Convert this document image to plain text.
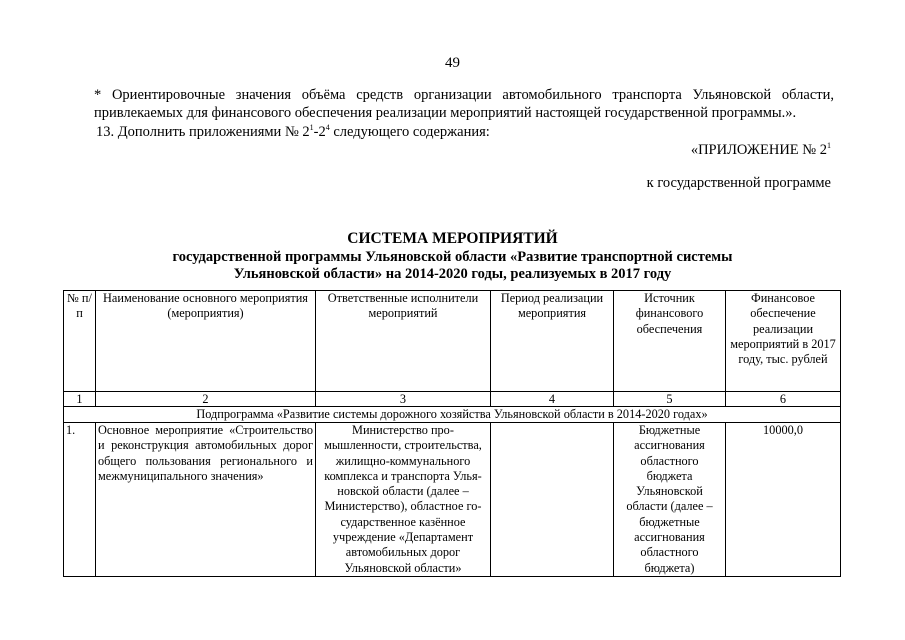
49
* Ориентировочные значения объёма средств организации автомобильного транспорта Ульяновской области, привлекаемых для финансового обеспечения реализации мероприятий настоящей государственной программы.».
13. Дополнить приложениями № $2^1-2^4$ следующего содержания:
«ПРИЛОЖЕНИЕ № $2^1$
к государственной программе
СИСТЕМА МЕРОПРИЯТИЙ
государственной программы Ульяновской области «Развитие транспортной системы
Ульяновской области» на 2014-2020 годы, реализуемых в 2017 году
№ п/п	Наименование основного мероприятия (мероприятия)	Ответственные исполнители мероприятий	Период реализации мероприятия	Источник финансового обеспечения	Финансовое обеспечение реализации мероприятий в 2017 году, тыс. рублей
1	2	3	4	5	6
Подпрограмма «Развитие системы дорожного хозяйства Ульяновской области в 2014-2020 годах»					
1.	Основное мероприятие «Строительство и реконструкция автомобильных дорог общего пользования регионального и межмуниципального значения»	Министерство промышленности, строительства, жилищно-коммунального комплекса и транспорта Ульяновской области (далее – Министерство), областное государственное казённое учреждение «Департамент автомобильных дорог Ульяновской области»		Бюджетные ассигнования областного бюджета Ульяновской области (далее – бюджетные ассигнования областного бюджета)	10000,0
